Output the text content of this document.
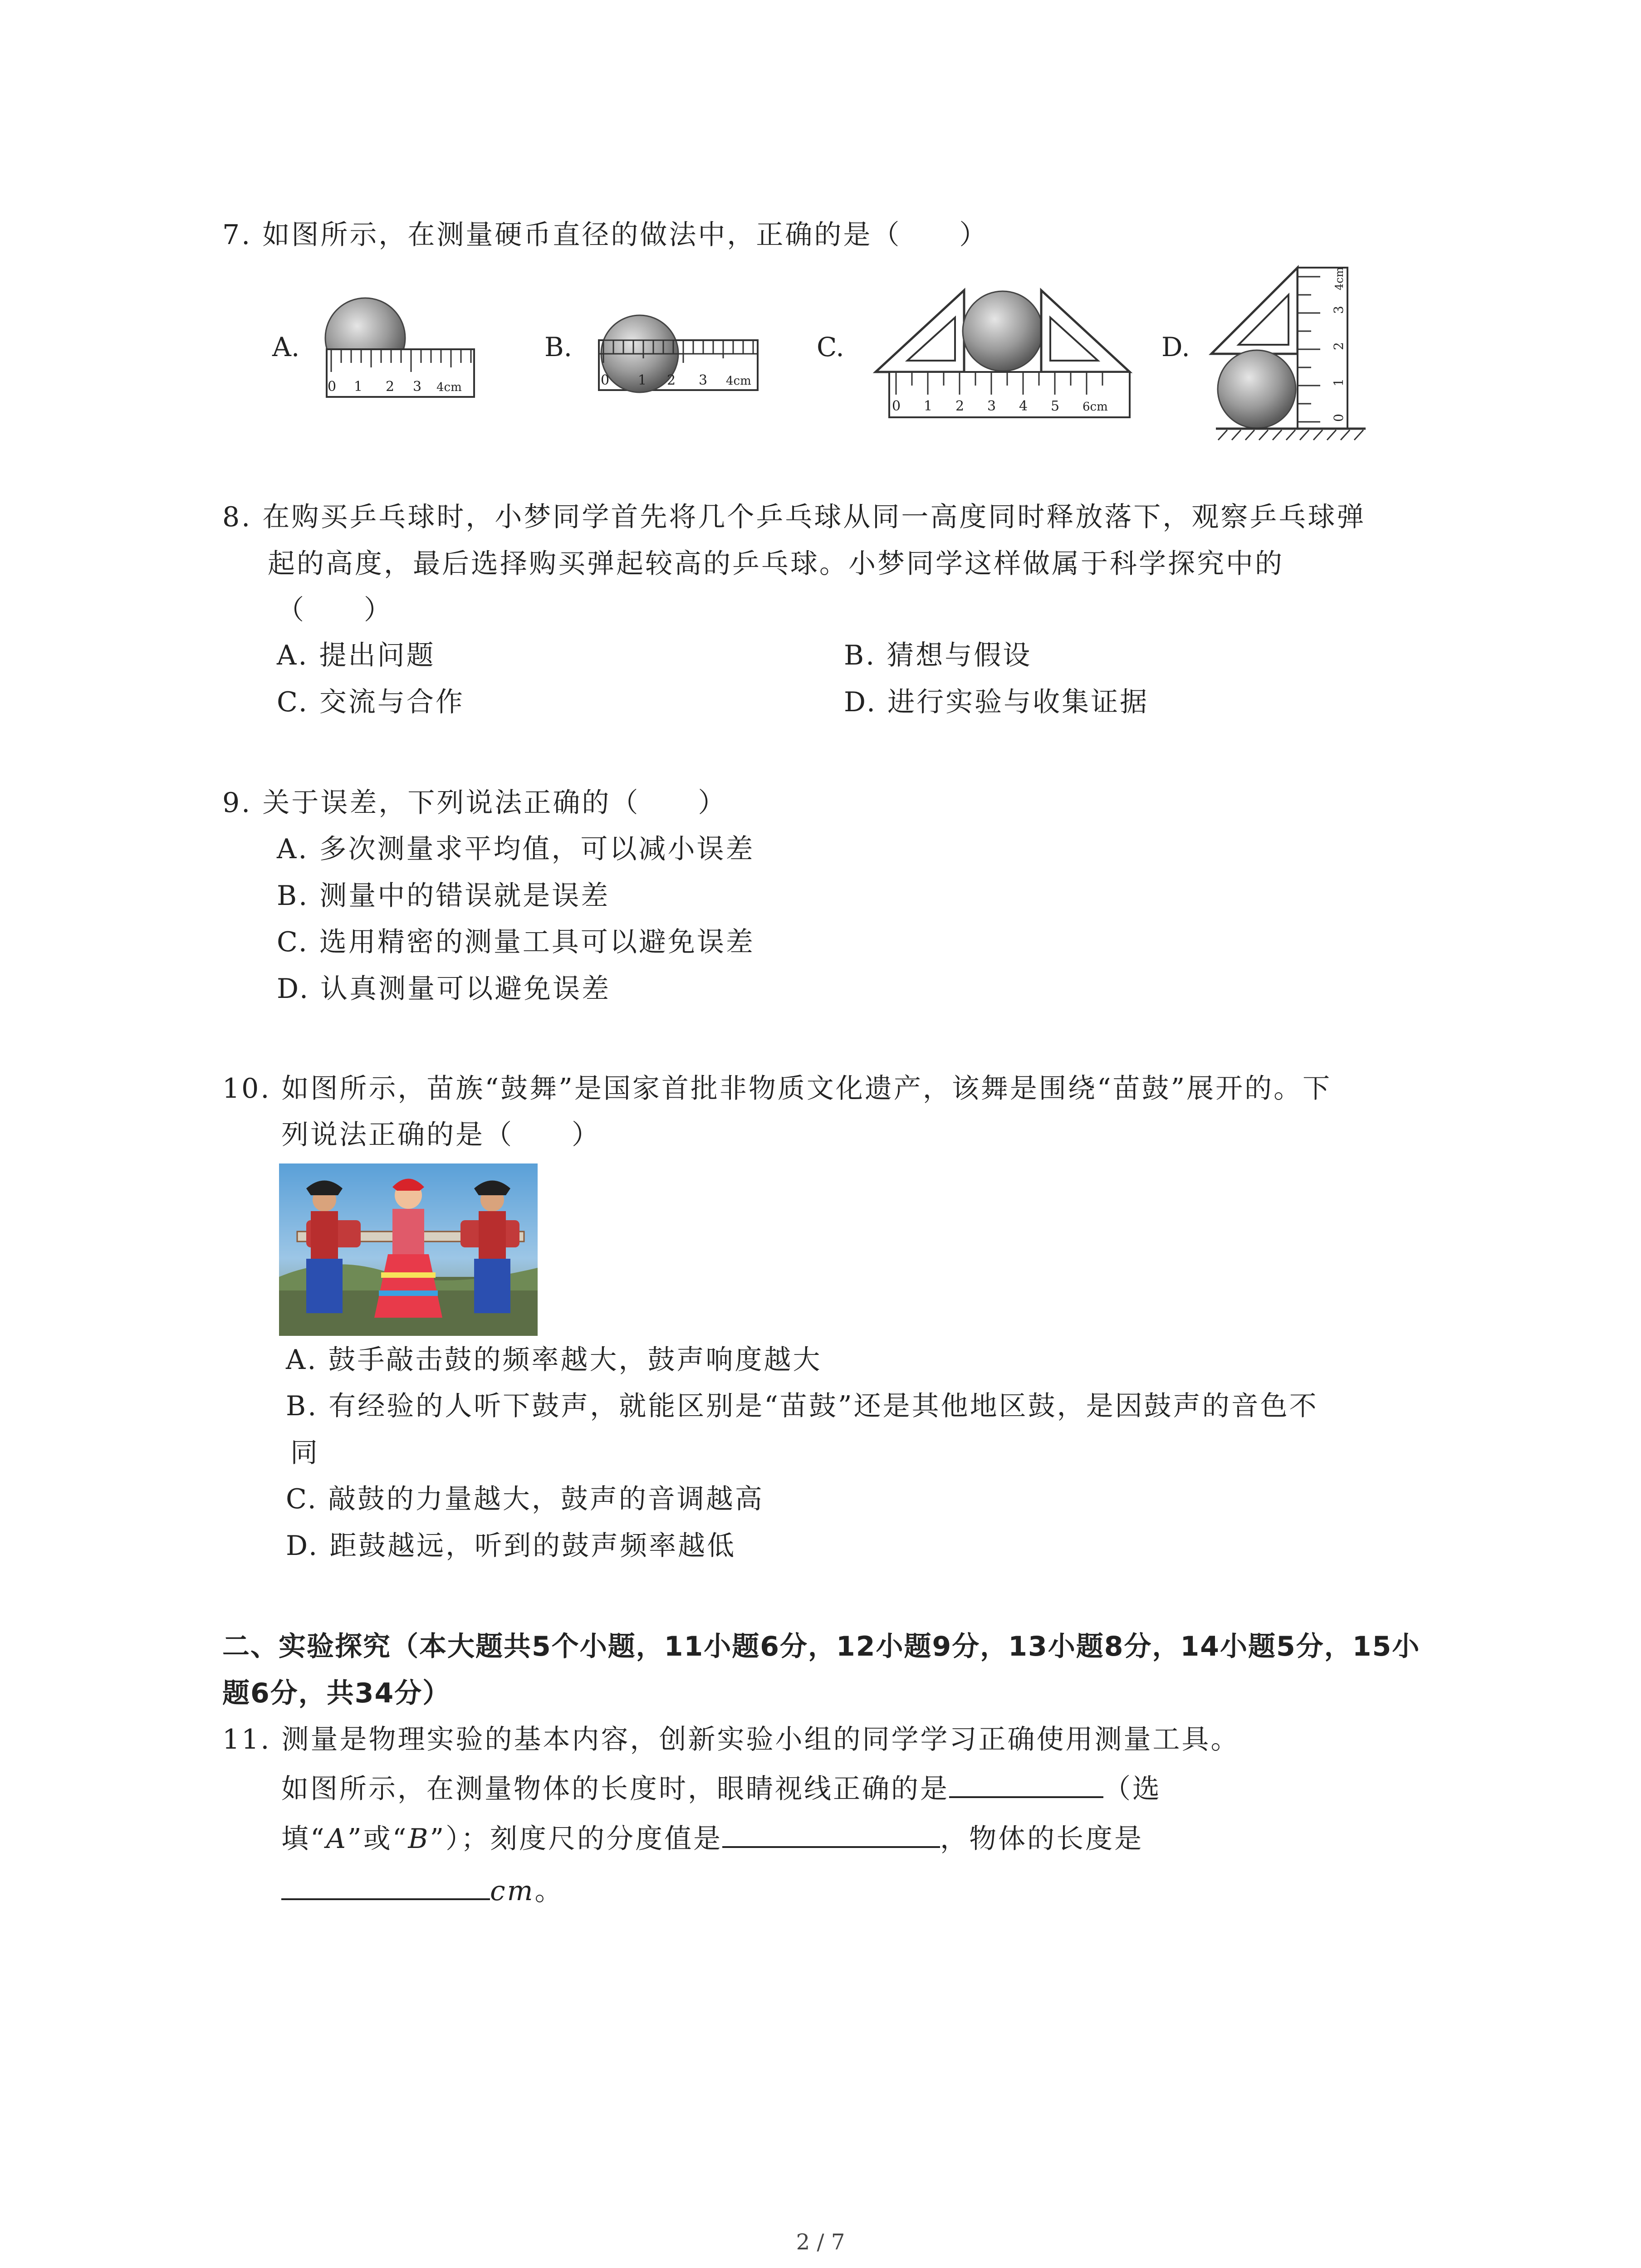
7. 如图所示，在测量硬币直径的做法中，正确的是（　　）
A.
0 1 2 3 4cm
B.
0 1 2 3 4cm
C.
0 1 2 3 4 5 6cm
D.
0
1
2
3
4cm
8. 在购买乒乓球时，小梦同学首先将几个乒乓球从同一高度同时释放落下，观察乒乓球弹
起的高度，最后选择购买弹起较高的乒乓球。小梦同学这样做属于科学探究中的
（　　）
A. 提出问题	B. 猜想与假设
C. 交流与合作	D. 进行实验与收集证据
9. 关于误差，下列说法正确的（　　）
A. 多次测量求平均值，可以减小误差
B. 测量中的错误就是误差
C. 选用精密的测量工具可以避免误差
D. 认真测量可以避免误差
10. 如图所示，苗族“鼓舞”是国家首批非物质文化遗产，该舞是围绕“苗鼓”展开的。下
列说法正确的是（　　）
A. 鼓手敲击鼓的频率越大，鼓声响度越大
B. 有经验的人听下鼓声，就能区别是“苗鼓”还是其他地区鼓，是因鼓声的音色不
同
C. 敲鼓的力量越大，鼓声的音调越高
D. 距鼓越远，听到的鼓声频率越低
二、实验探究（本大题共5个小题，11小题6分，12小题9分，13小题8分，14小题5分，15小
题6分，共34分）
11. 测量是物理实验的基本内容，创新实验小组的同学学习正确使用测量工具。
如图所示，在测量物体的长度时，眼睛视线正确的是	（选
填“A”或“B”）；刻度尺的分度值是	，物体的长度是
cm。
2 / 7
